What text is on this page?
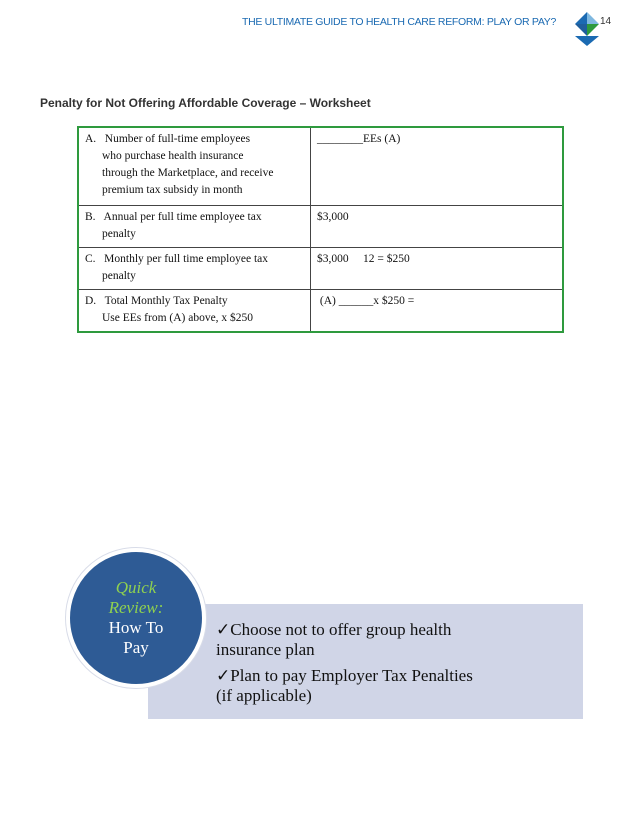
THE ULTIMATE GUIDE TO HEALTH CARE REFORM: PLAY OR PAY?	14
Penalty for Not Offering Affordable Coverage – Worksheet
A.   Number of full-time employees
who purchase health insurance
through the Marketplace, and receive
premium tax subsidy in month	________EEs (A)

B.   Annual per full time employee tax
penalty	$3,000

C.   Monthly per full time employee tax
penalty	$3,000     12 = $250

D.   Total Monthly Tax Penalty
Use EEs from (A) above, x $250	(A) ______x $250 =
Quick
Review:
How To
Pay
✓Choose not to offer group health
insurance plan
✓Plan to pay Employer Tax Penalties
(if applicable)
